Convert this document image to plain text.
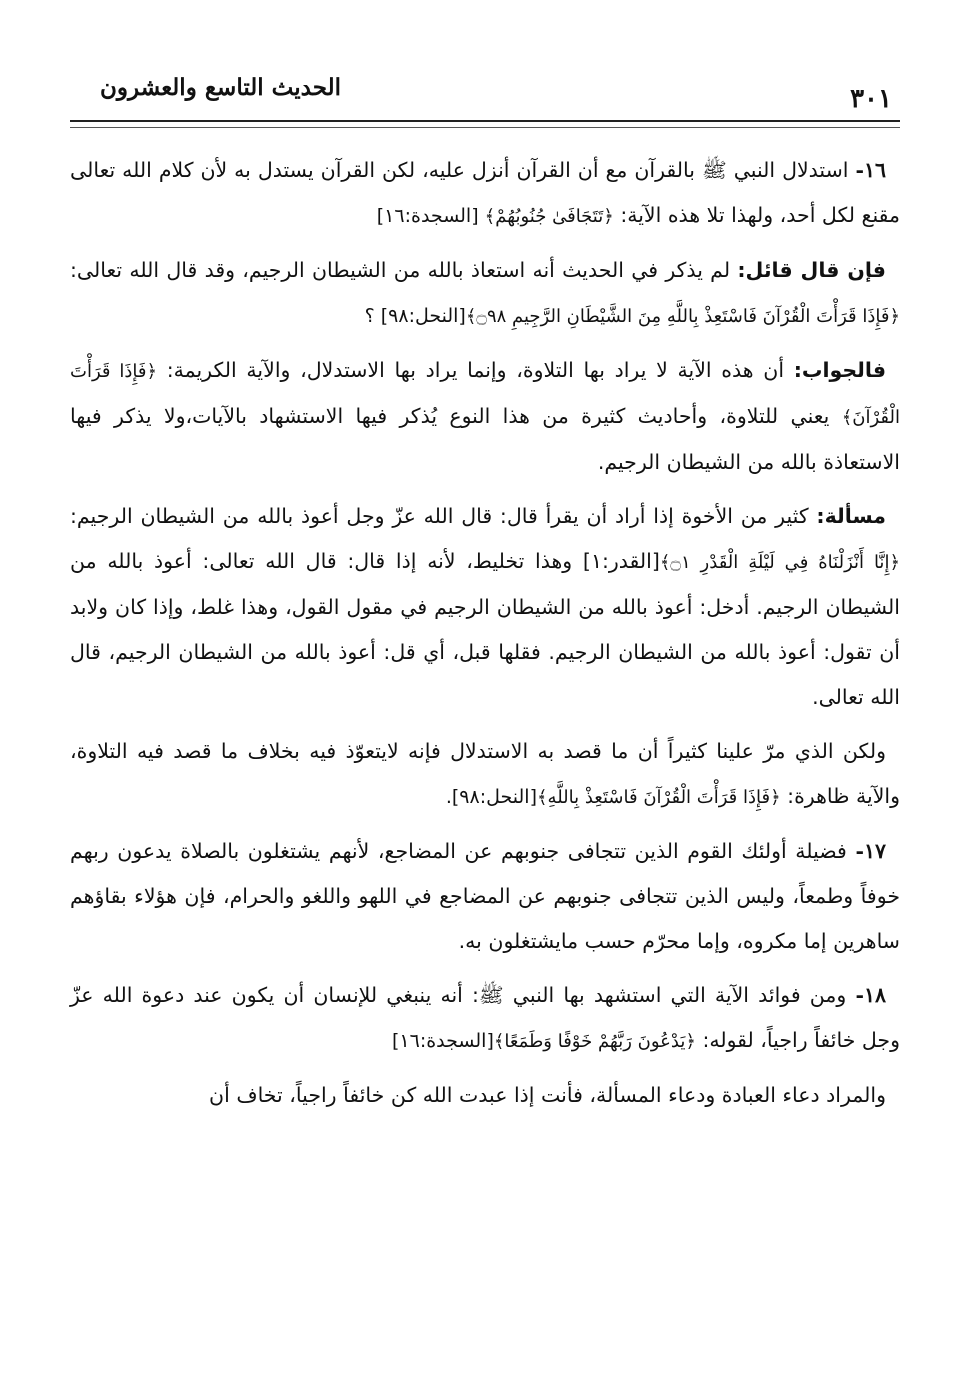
الحديث التاسع والعشرون	٣٠١

١٦- استدلال النبي ﷺ بالقرآن مع أن القرآن أنزل عليه، لكن القرآن يستدل به لأن كلام الله تعالى مقنع لكل أحد، ولهذا تلا هذه الآية: ﴿تَتَجَافَىٰ جُنُوبُهُمْ﴾ [السجدة:١٦]

فإن قال قائل: لم يذكر في الحديث أنه استعاذ بالله من الشيطان الرجيم، وقد قال الله تعالى: ﴿فَإِذَا قَرَأْتَ الْقُرْآنَ فَاسْتَعِذْ بِاللَّهِ مِنَ الشَّيْطَانِ الرَّجِيمِ ۝٩٨﴾[النحل:٩٨] ؟

فالجواب: أن هذه الآية لا يراد بها التلاوة، وإنما يراد بها الاستدلال، والآية الكريمة: ﴿فَإِذَا قَرَأْتَ الْقُرْآنَ﴾ يعني للتلاوة، وأحاديث كثيرة من هذا النوع يُذكر فيها الاستشهاد بالآيات،ولا يذكر فيها الاستعاذة بالله من الشيطان الرجيم.

مسألة: كثير من الأخوة إذا أراد أن يقرأ قال: قال الله عزّ وجل أعوذ بالله من الشيطان الرجيم: ﴿إِنَّا أَنْزَلْنَاهُ فِي لَيْلَةِ الْقَدْرِ ۝١﴾[القدر:١] وهذا تخليط، لأنه إذا قال: قال الله تعالى: أعوذ بالله من الشيطان الرجيم. أدخل: أعوذ بالله من الشيطان الرجيم في مقول القول، وهذا غلط، وإذا كان ولابد أن تقول: أعوذ بالله من الشيطان الرجيم. فقلها قبل، أي قل: أعوذ بالله من الشيطان الرجيم، قال الله تعالى.

ولكن الذي مرّ علينا كثيراً أن ما قصد به الاستدلال فإنه لايتعوّذ فيه بخلاف ما قصد فيه التلاوة، والآية ظاهرة: ﴿فَإِذَا قَرَأْتَ الْقُرْآنَ فَاسْتَعِذْ بِاللَّهِ﴾[النحل:٩٨].

١٧- فضيلة أولئك القوم الذين تتجافى جنوبهم عن المضاجع، لأنهم يشتغلون بالصلاة يدعون ربهم خوفاً وطمعاً، وليس الذين تتجافى جنوبهم عن المضاجع في اللهو واللغو والحرام، فإن هؤلاء بقاؤهم ساهرين إما مكروه، وإما محرّم حسب مايشتغلون به.

١٨- ومن فوائد الآية التي استشهد بها النبي ﷺ: أنه ينبغي للإنسان أن يكون عند دعوة الله عزّ وجل خائفاً راجياً، لقوله: ﴿يَدْعُونَ رَبَّهُمْ خَوْفًا وَطَمَعًا﴾[السجدة:١٦]

والمراد دعاء العبادة ودعاء المسألة، فأنت إذا عبدت الله كن خائفاً راجياً، تخاف أن
